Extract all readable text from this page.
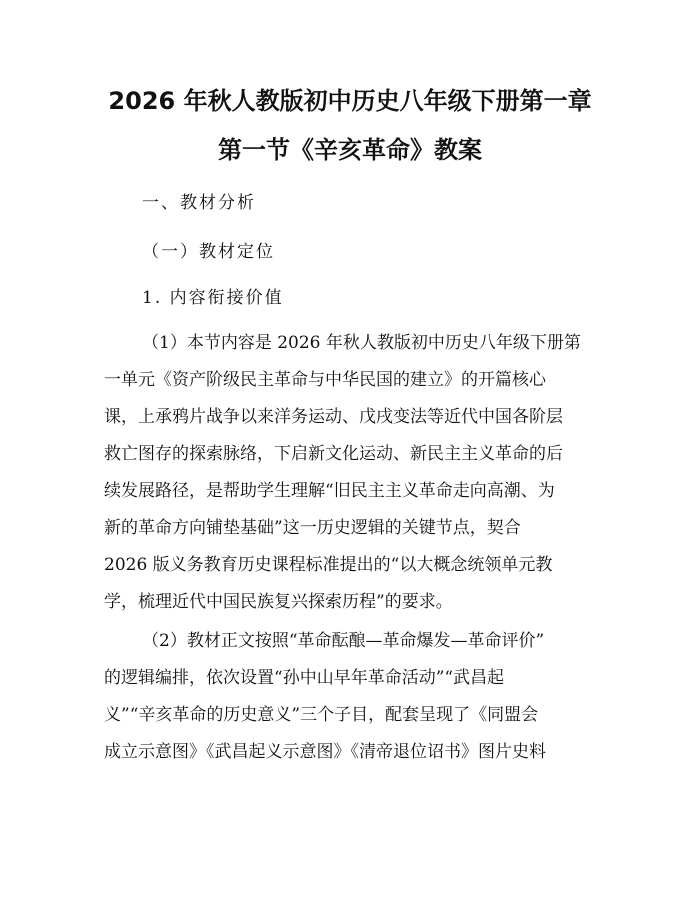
2026 年秋人教版初中历史八年级下册第一章
第一节《辛亥革命》教案
一、教材分析
（一）教材定位
1. 内容衔接价值
（1）本节内容是 2026 年秋人教版初中历史八年级下册第
一单元《资产阶级民主革命与中华民国的建立》的开篇核心
课，上承鸦片战争以来洋务运动、戊戌变法等近代中国各阶层
救亡图存的探索脉络，下启新文化运动、新民主主义革命的后
续发展路径，是帮助学生理解“旧民主主义革命走向高潮、为
新的革命方向铺垫基础”这一历史逻辑的关键节点，契合
2026 版义务教育历史课程标准提出的“以大概念统领单元教
学，梳理近代中国民族复兴探索历程”的要求。
（2）教材正文按照“革命酝酿—革命爆发—革命评价”
的逻辑编排，依次设置“孙中山早年革命活动”“武昌起
义”“辛亥革命的历史意义”三个子目，配套呈现了《同盟会
成立示意图》《武昌起义示意图》《清帝退位诏书》图片史料
